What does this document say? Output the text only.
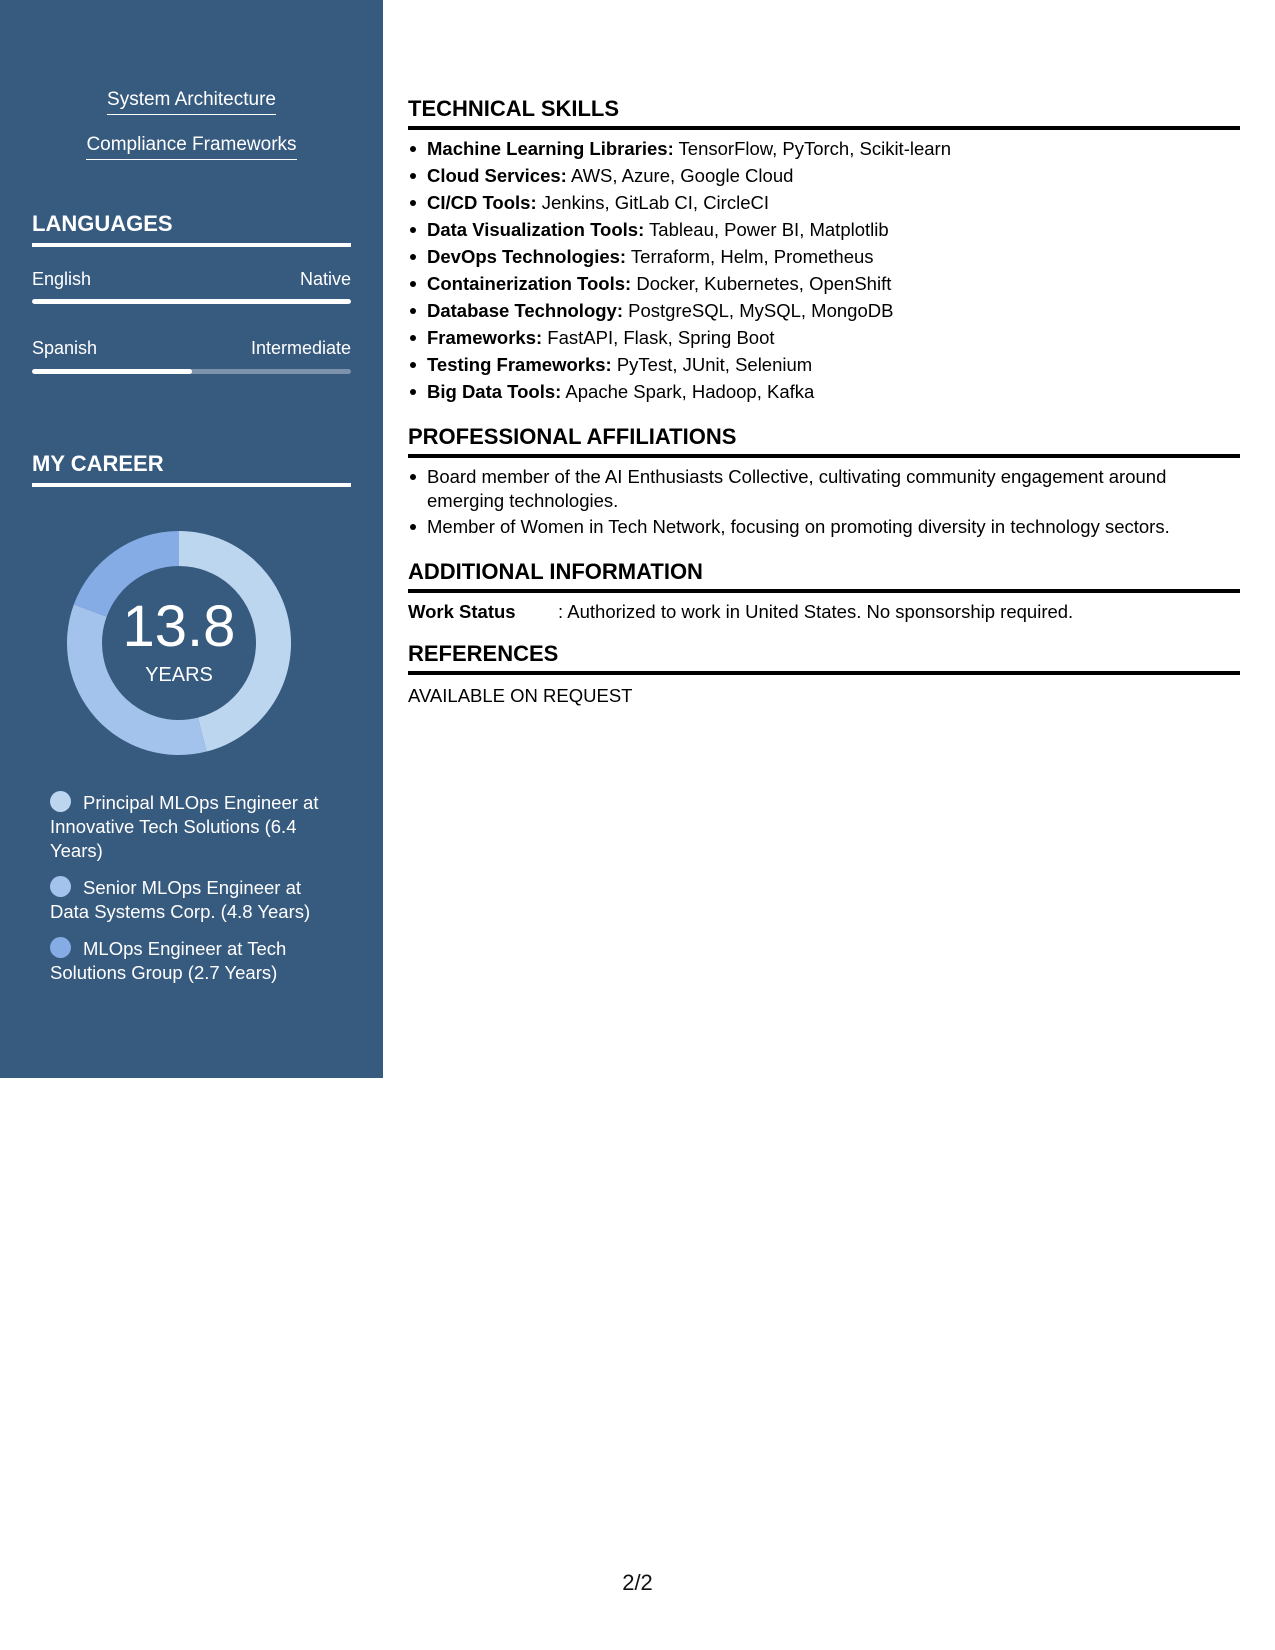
System Architecture
Compliance Frameworks
LANGUAGES
English	Native
Spanish	Intermediate
MY CAREER
13.8
YEARS
Principal MLOps Engineer at Innovative Tech Solutions (6.4 Years)
Senior MLOps Engineer at Data Systems Corp. (4.8 Years)
MLOps Engineer at Tech Solutions Group (2.7 Years)
TECHNICAL SKILLS
Machine Learning Libraries: TensorFlow, PyTorch, Scikit-learn
Cloud Services: AWS, Azure, Google Cloud
CI/CD Tools: Jenkins, GitLab CI, CircleCI
Data Visualization Tools: Tableau, Power BI, Matplotlib
DevOps Technologies: Terraform, Helm, Prometheus
Containerization Tools: Docker, Kubernetes, OpenShift
Database Technology: PostgreSQL, MySQL, MongoDB
Frameworks: FastAPI, Flask, Spring Boot
Testing Frameworks: PyTest, JUnit, Selenium
Big Data Tools: Apache Spark, Hadoop, Kafka
PROFESSIONAL AFFILIATIONS
Board member of the AI Enthusiasts Collective, cultivating community engagement around emerging technologies.
Member of Women in Tech Network, focusing on promoting diversity in technology sectors.
ADDITIONAL INFORMATION
Work Status : Authorized to work in United States. No sponsorship required.
REFERENCES
AVAILABLE ON REQUEST
2/2
